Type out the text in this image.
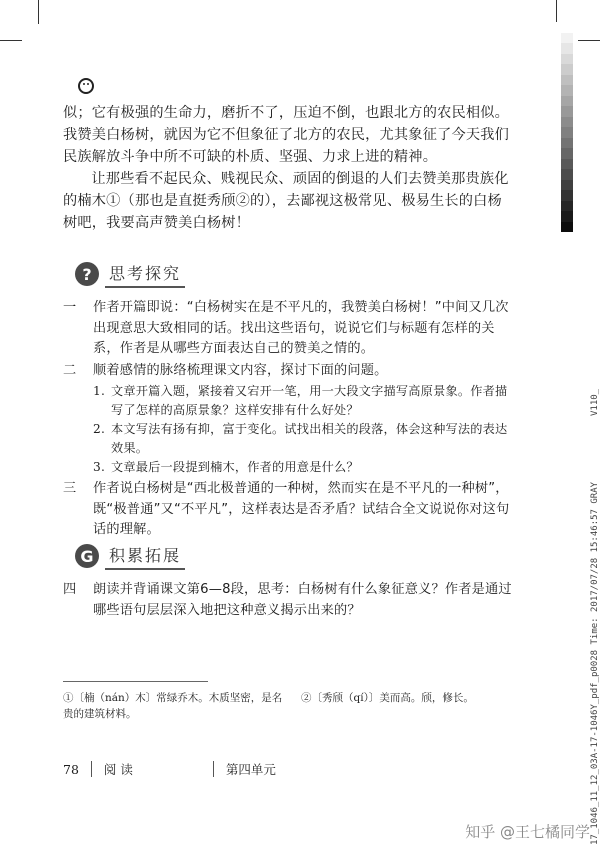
似；它有极强的生命力，磨折不了，压迫不倒，也跟北方的农民相似。我赞美白杨树，就因为它不但象征了北方的农民，尤其象征了今天我们民族解放斗争中所不可缺的朴质、坚强、力求上进的精神。

让那些看不起民众、贱视民众、顽固的倒退的人们去赞美那贵族化的楠木①（那也是直挺秀颀②的），去鄙视这极常见、极易生长的白杨树吧，我要高声赞美白杨树！

?	思考探究
一	作者开篇即说：“白杨树实在是不平凡的，我赞美白杨树！”中间又几次出现意思大致相同的话。找出这些语句，说说它们与标题有怎样的关系，作者是从哪些方面表达自己的赞美之情的。
二	顺着感情的脉络梳理课文内容，探讨下面的问题。
1. 文章开篇入题，紧接着又宕开一笔，用一大段文字描写高原景象。作者描写了怎样的高原景象？这样安排有什么好处？
2. 本文写法有扬有抑，富于变化。试找出相关的段落，体会这种写法的表达效果。
3. 文章最后一段提到楠木，作者的用意是什么？
三	作者说白杨树是“西北极普通的一种树，然而实在是不平凡的一种树”，既“极普通”又“不平凡”，这样表达是否矛盾？试结合全文说说你对这句话的理解。
G 积累拓展
四	朗读并背诵课文第6—8段，思考：白杨树有什么象征意义？作者是通过哪些语句层层深入地把这种意义揭示出来的？
①〔楠（nán）木〕常绿乔木。木质坚密，是名贵的建筑材料。
②〔秀颀（qí）〕美而高。颀，修长。
78 阅 读	第四单元
V110_
17_1046_11_12_03A-17-1046Y_pdf_p0028 Time: 2017/07/28 15:46:57 GRAY
知乎 @王七橘同学
